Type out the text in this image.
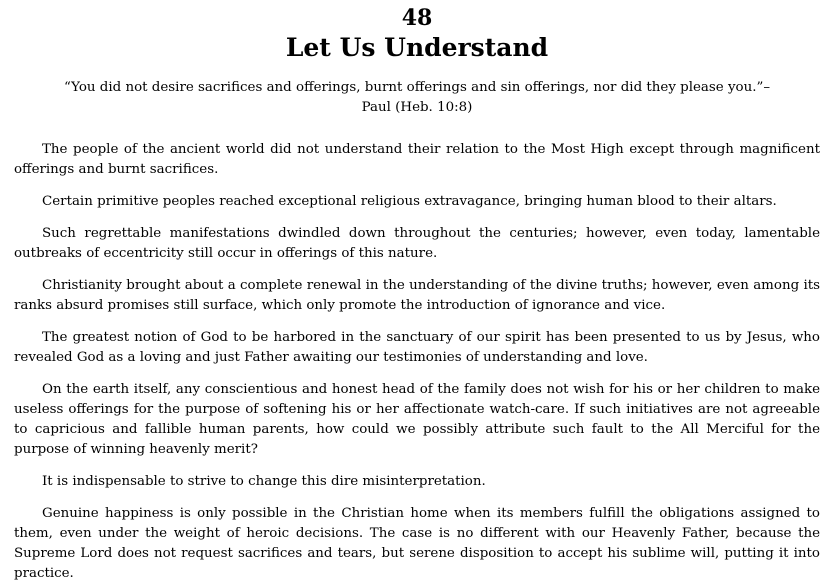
48
Let Us Understand

“You did not desire sacrifices and offerings, burnt offerings and sin offerings, nor did they please you.”– Paul (Heb. 10:8)

The people of the ancient world did not understand their relation to the Most High except through magnificent offerings and burnt sacrifices.

Certain primitive peoples reached exceptional religious extravagance, bringing human blood to their altars.

Such regrettable manifestations dwindled down throughout the centuries; however, even today, lamentable outbreaks of eccentricity still occur in offerings of this nature.

Christianity brought about a complete renewal in the understanding of the divine truths; however, even among its ranks absurd promises still surface, which only promote the introduction of ignorance and vice.

The greatest notion of God to be harbored in the sanctuary of our spirit has been presented to us by Jesus, who revealed God as a loving and just Father awaiting our testimonies of understanding and love.

On the earth itself, any conscientious and honest head of the family does not wish for his or her children to make useless offerings for the purpose of softening his or her affectionate watch-care. If such initiatives are not agreeable to capricious and fallible human parents, how could we possibly attribute such fault to the All Merciful for the purpose of winning heavenly merit?

It is indispensable to strive to change this dire misinterpretation.

Genuine happiness is only possible in the Christian home when its members fulfill the obligations assigned to them, even under the weight of heroic decisions. The case is no different with our Heavenly Father, because the Supreme Lord does not request sacrifices and tears, but serene disposition to accept his sublime will, putting it into practice.
